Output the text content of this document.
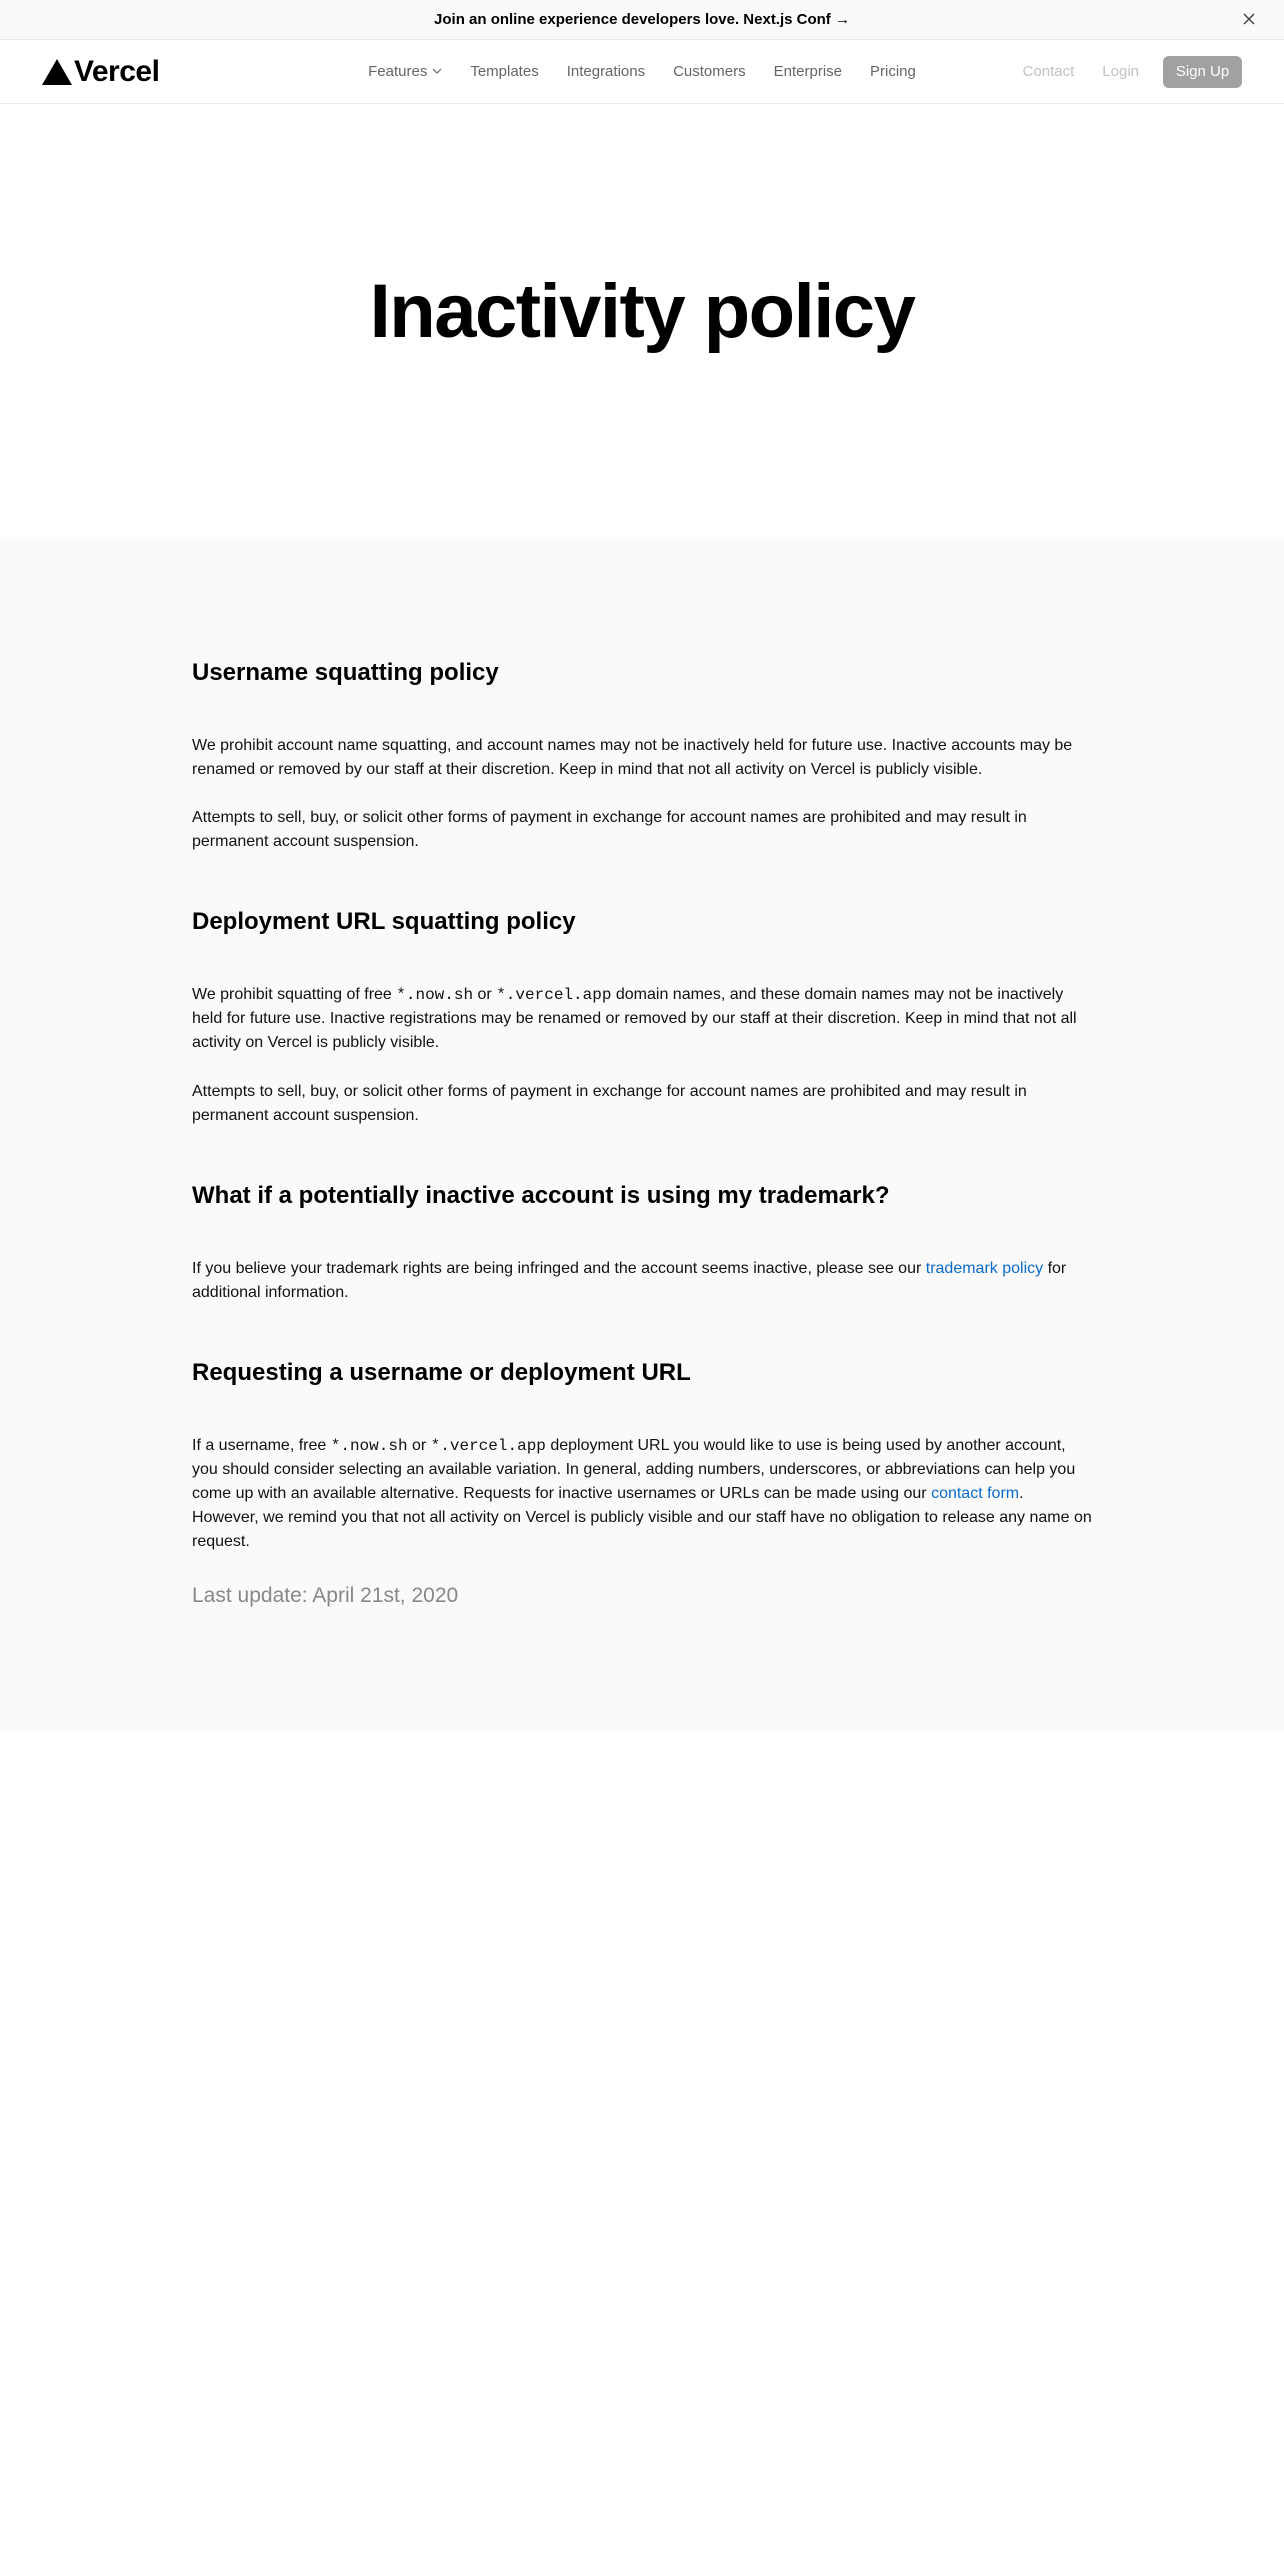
Join an online experience developers love. Next.js Conf →
Vercel	Features	Templates Integrations Customers Enterprise Pricing	Contact Login	Sign Up
Inactivity policy
Username squatting policy

We prohibit account name squatting, and account names may not be inactively held for future use. Inactive accounts may be renamed or removed by our staff at their discretion. Keep in mind that not all activity on Vercel is publicly visible.

Attempts to sell, buy, or solicit other forms of payment in exchange for account names are prohibited and may result in permanent account suspension.

Deployment URL squatting policy

We prohibit squatting of free *.now.sh or *.vercel.app domain names, and these domain names may not be inactively held for future use. Inactive registrations may be renamed or removed by our staff at their discretion. Keep in mind that not all activity on Vercel is publicly visible.

Attempts to sell, buy, or solicit other forms of payment in exchange for account names are prohibited and may result in permanent account suspension.

What if a potentially inactive account is using my trademark?

If you believe your trademark rights are being infringed and the account seems inactive, please see our trademark policy for additional information.

Requesting a username or deployment URL

If a username, free *.now.sh or *.vercel.app deployment URL you would like to use is being used by another account, you should consider selecting an available variation. In general, adding numbers, underscores, or abbreviations can help you come up with an available alternative. Requests for inactive usernames or URLs can be made using our contact form. However, we remind you that not all activity on Vercel is publicly visible and our staff have no obligation to release any name on request.

Last update: April 21st, 2020
